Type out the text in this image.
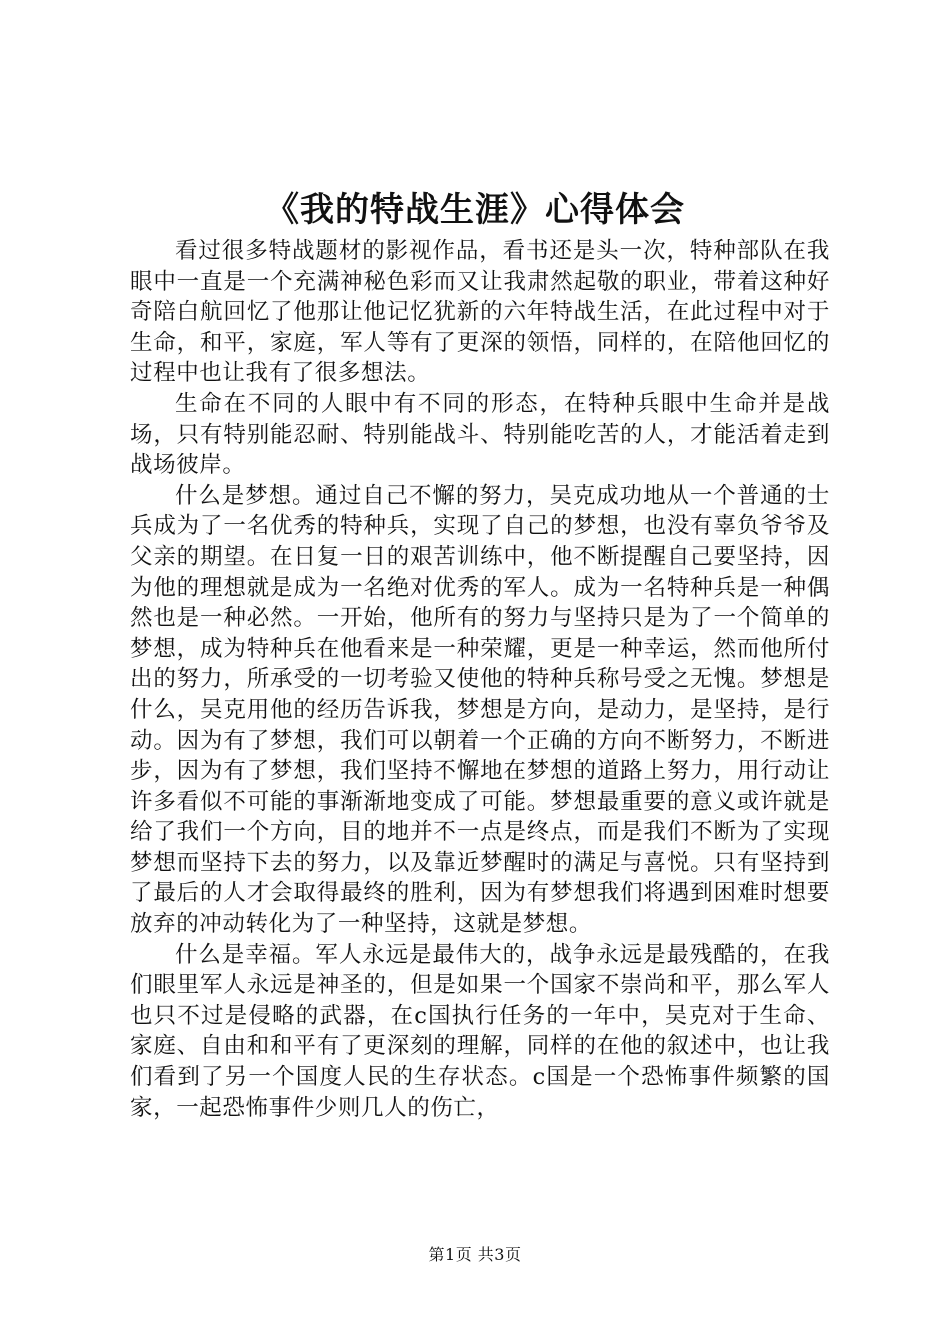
《我的特战生涯》心得体会

看过很多特战题材的影视作品，看书还是头一次，特种部队在我眼中一直是一个充满神秘色彩而又让我肃然起敬的职业，带着这种好奇陪白航回忆了他那让他记忆犹新的六年特战生活，在此过程中对于生命，和平，家庭，军人等有了更深的领悟，同样的，在陪他回忆的过程中也让我有了很多想法。

生命在不同的人眼中有不同的形态，在特种兵眼中生命并是战场，只有特别能忍耐、特别能战斗、特别能吃苦的人，才能活着走到战场彼岸。

什么是梦想。通过自己不懈的努力，吴克成功地从一个普通的士兵成为了一名优秀的特种兵，实现了自己的梦想，也没有辜负爷爷及父亲的期望。在日复一日的艰苦训练中，他不断提醒自己要坚持，因为他的理想就是成为一名绝对优秀的军人。成为一名特种兵是一种偶然也是一种必然。一开始，他所有的努力与坚持只是为了一个简单的梦想，成为特种兵在他看来是一种荣耀，更是一种幸运，然而他所付出的努力，所承受的一切考验又使他的特种兵称号受之无愧。梦想是什么，吴克用他的经历告诉我，梦想是方向，是动力，是坚持，是行动。因为有了梦想，我们可以朝着一个正确的方向不断努力，不断进步，因为有了梦想，我们坚持不懈地在梦想的道路上努力，用行动让许多看似不可能的事渐渐地变成了可能。梦想最重要的意义或许就是给了我们一个方向，目的地并不一点是终点，而是我们不断为了实现梦想而坚持下去的努力，以及靠近梦醒时的满足与喜悦。只有坚持到了最后的人才会取得最终的胜利，因为有梦想我们将遇到困难时想要放弃的冲动转化为了一种坚持，这就是梦想。

什么是幸福。军人永远是最伟大的，战争永远是最残酷的，在我们眼里军人永远是神圣的，但是如果一个国家不崇尚和平，那么军人也只不过是侵略的武器，在c国执行任务的一年中，吴克对于生命、家庭、自由和和平有了更深刻的理解，同样的在他的叙述中，也让我们看到了另一个国度人民的生存状态。c国是一个恐怖事件频繁的国家，一起恐怖事件少则几人的伤亡，

第1页 共3页
